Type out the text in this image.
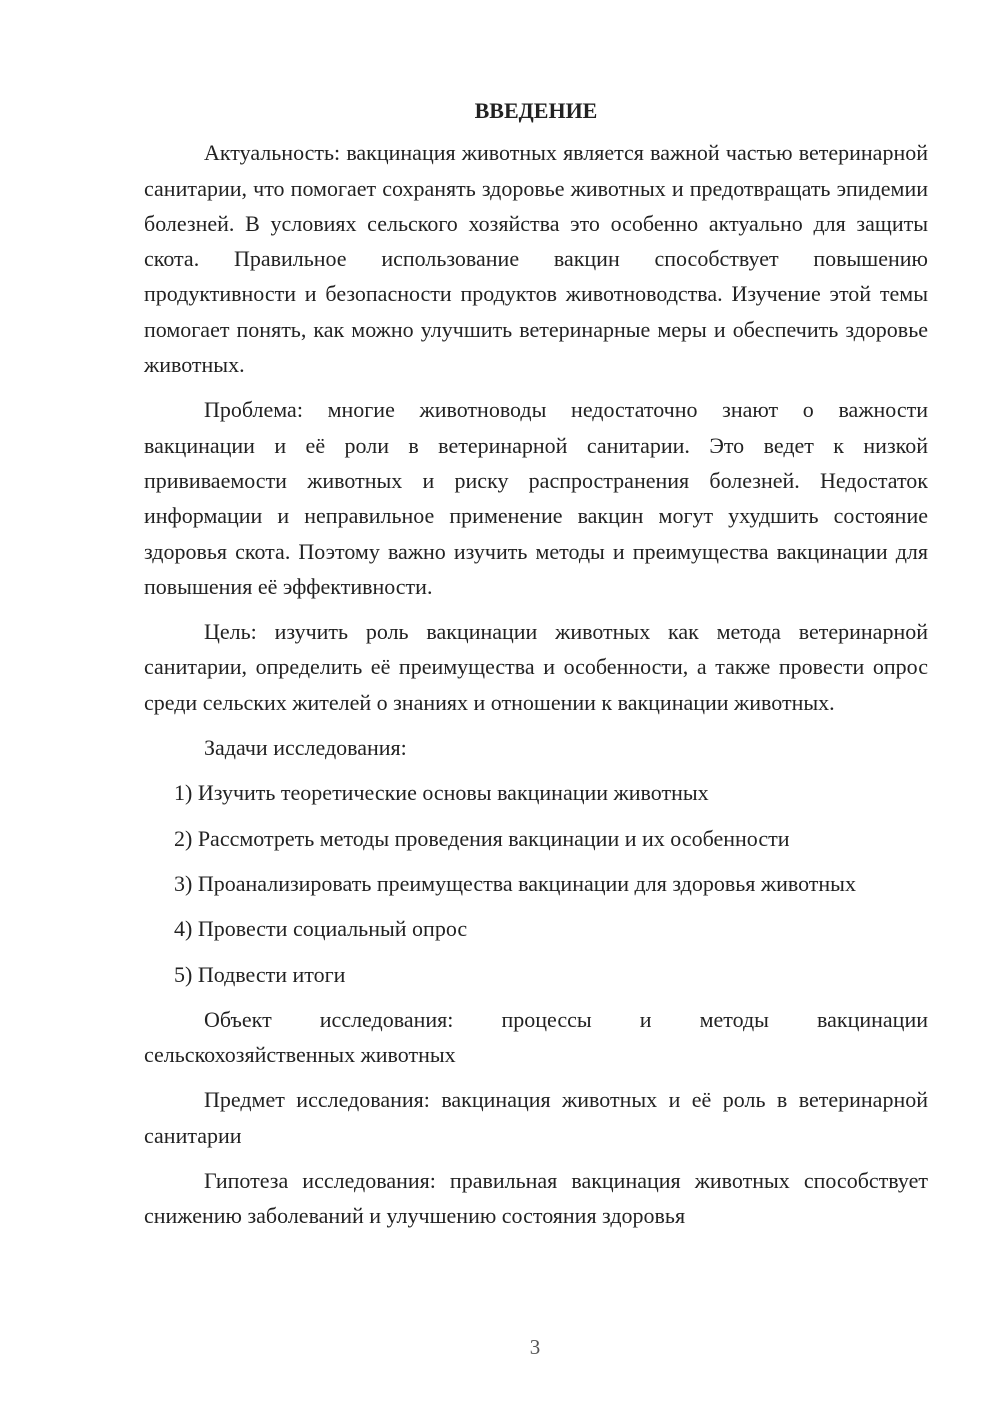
ВВЕДЕНИЕ

Актуальность: вакцинация животных является важной частью ветеринарной санитарии, что помогает сохранять здоровье животных и предотвращать эпидемии болезней. В условиях сельского хозяйства это особенно актуально для защиты скота. Правильное использование вакцин способствует повышению продуктивности и безопасности продуктов животноводства. Изучение этой темы помогает понять, как можно улучшить ветеринарные меры и обеспечить здоровье животных.

Проблема: многие животноводы недостаточно знают о важности вакцинации и её роли в ветеринарной санитарии. Это ведет к низкой прививаемости животных и риску распространения болезней. Недостаток информации и неправильное применение вакцин могут ухудшить состояние здоровья скота. Поэтому важно изучить методы и преимущества вакцинации для повышения её эффективности.

Цель: изучить роль вакцинации животных как метода ветеринарной санитарии, определить её преимущества и особенности, а также провести опрос среди сельских жителей о знаниях и отношении к вакцинации животных.

Задачи исследования:

1) Изучить теоретические основы вакцинации животных

2) Рассмотреть методы проведения вакцинации и их особенности

3) Проанализировать преимущества вакцинации для здоровья животных

4) Провести социальный опрос

5) Подвести итоги

Объект исследования: процессы и методы вакцинации сельскохозяйственных животных

Предмет исследования: вакцинация животных и её роль в ветеринарной санитарии

Гипотеза исследования: правильная вакцинация животных способствует снижению заболеваний и улучшению состояния здоровья

3
